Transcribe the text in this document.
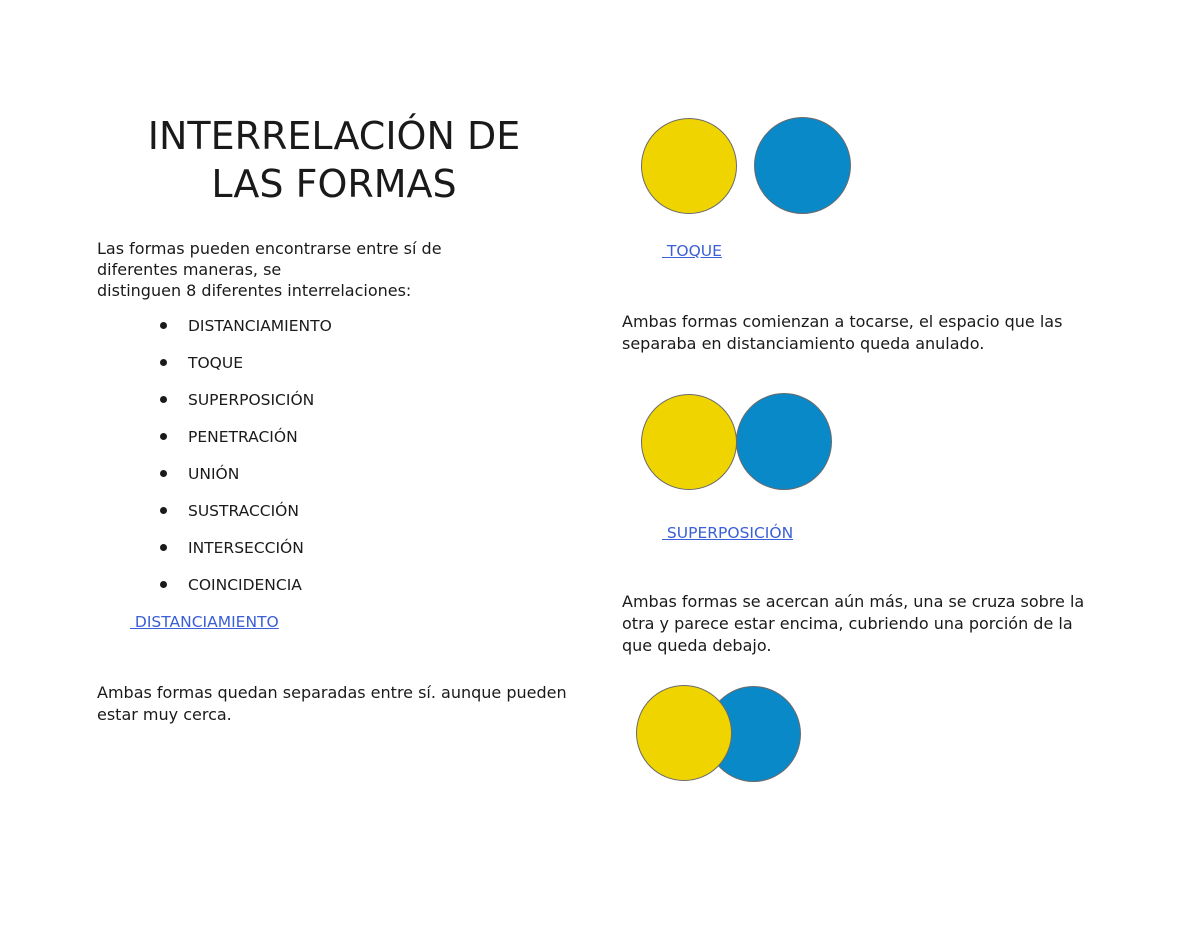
INTERRELACIÓN DE
LAS FORMAS

Las formas pueden encontrarse entre sí de
diferentes maneras, se
distinguen 8 diferentes interrelaciones:

DISTANCIAMIENTO
TOQUE
SUPERPOSICIÓN
PENETRACIÓN
UNIÓN
SUSTRACCIÓN
INTERSECCIÓN
COINCIDENCIA
DISTANCIAMIENTO

Ambas formas quedan separadas entre sí. aunque pueden estar muy cerca.

TOQUE

Ambas formas comienzan a tocarse, el espacio que las separaba en distanciamiento queda anulado.

SUPERPOSICIÓN

Ambas formas se acercan aún más, una se cruza sobre la otra y parece estar encima, cubriendo una porción de la que queda debajo.
